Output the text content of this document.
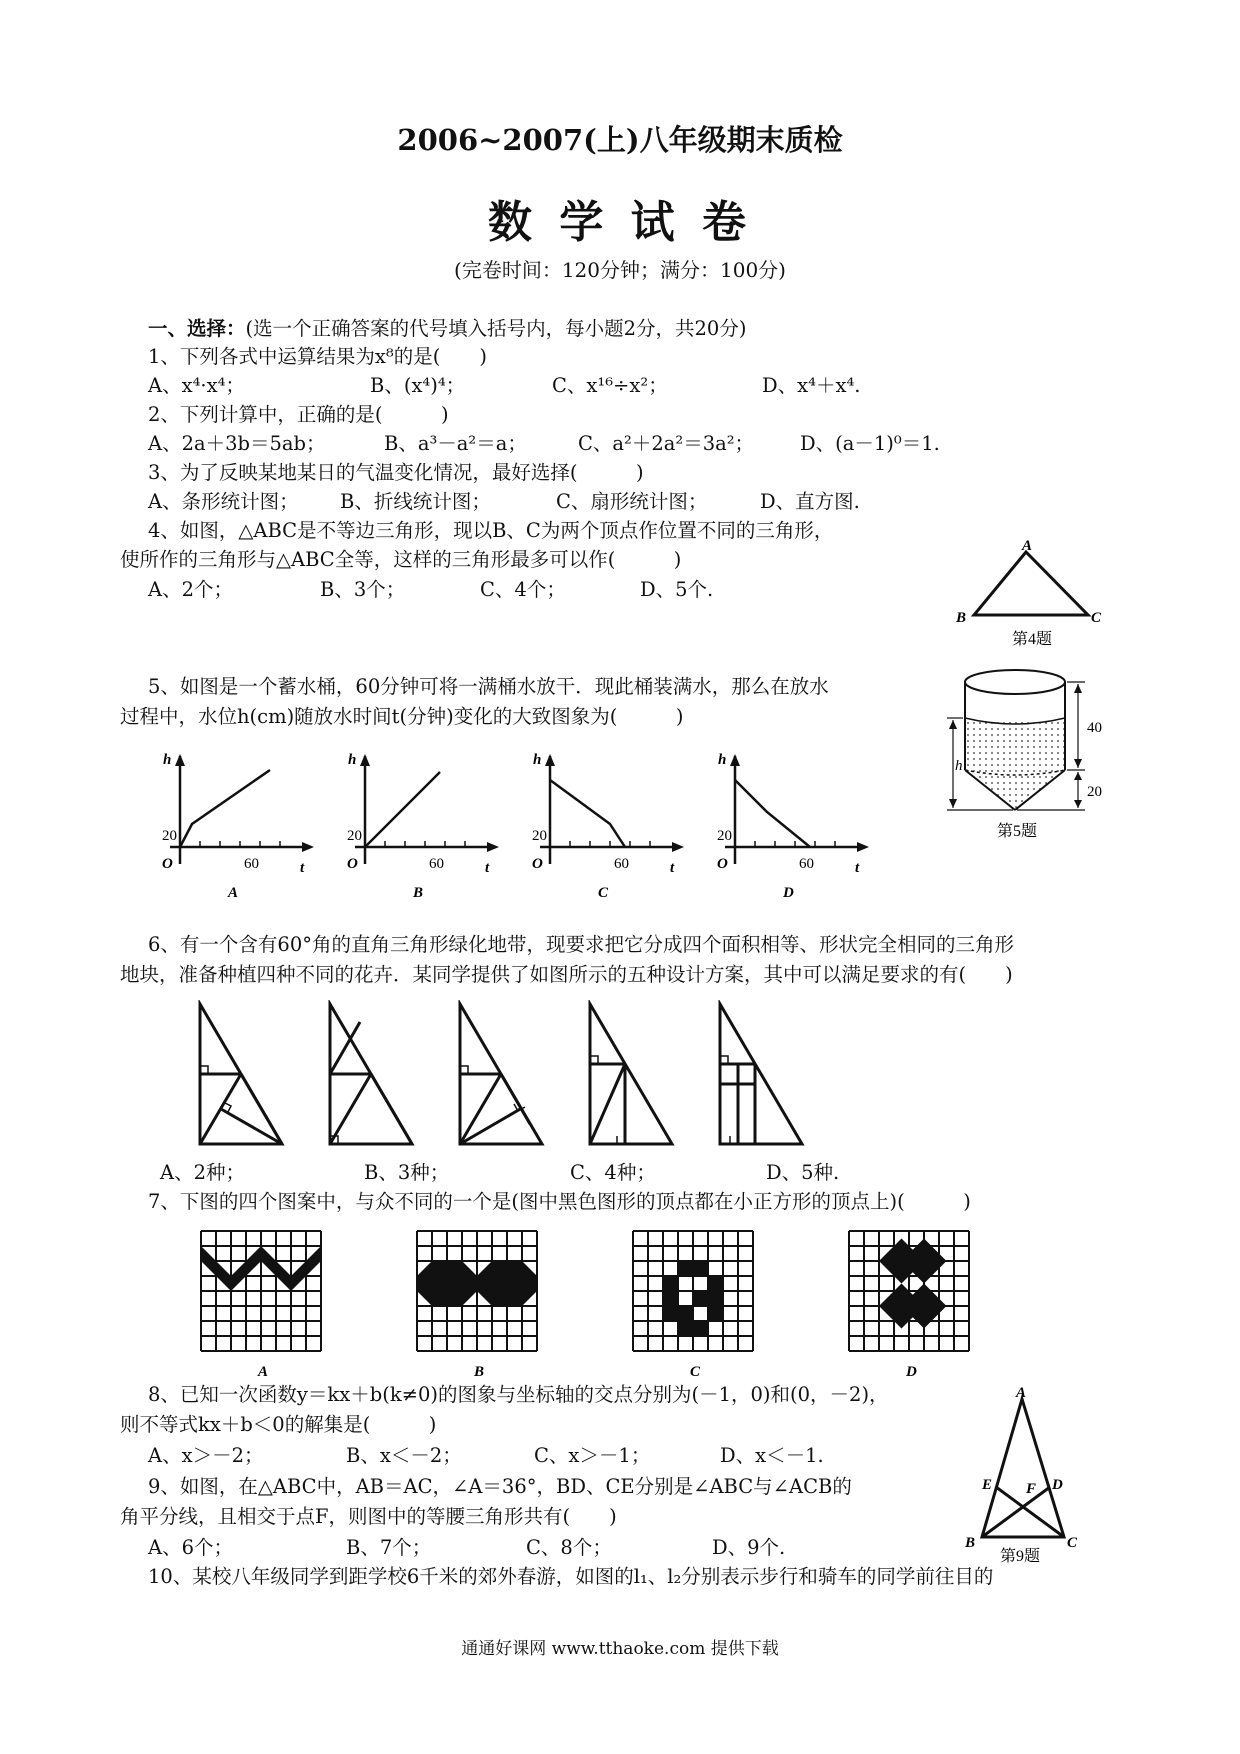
2006~2007(上)八年级期末质检
数 学 试 卷
(完卷时间：120分钟；满分：100分)
一、选择：(选一个正确答案的代号填入括号内，每小题2分，共20分)
1、下列各式中运算结果为x⁸的是(　　)
A、x⁴·x⁴；	B、(x⁴)⁴；	C、x¹⁶÷x²；	D、x⁴＋x⁴.
2、下列计算中，正确的是(　　　)
A、2a＋3b＝5ab；	B、a³－a²＝a；	C、a²＋2a²＝3a²； D、(a－1)⁰＝1.
3、为了反映某地某日的气温变化情况，最好选择(　　　)
A、条形统计图； B、折线统计图；	C、扇形统计图；	D、直方图.
4、如图，△ABC是不等边三角形，现以B、C为两个顶点作位置不同的三角形，
使所作的三角形与△ABC全等，这样的三角形最多可以作(　　　)
A、2个；	B、3个；	C、4个；	D、5个.
A
B	C
第4题
5、如图是一个蓄水桶，60分钟可将一满桶水放干．现此桶装满水，那么在放水
过程中，水位h(cm)随放水时间t(分钟)变化的大致图象为(　　　)	40
20
h
第5题
h
20
O	60	t
A
h
20
O	60	t
B
h
20
O	60	t
C
h
20
O	60	t
D
6、有一个含有60°角的直角三角形绿化地带，现要求把它分成四个面积相等、形状完全相同的三角形
地块，准备种植四种不同的花卉．某同学提供了如图所示的五种设计方案，其中可以满足要求的有(　　)
A、2种；	B、3种；	C、4种；	D、5种.
7、下图的四个图案中，与众不同的一个是(图中黑色图形的顶点都在小正方形的顶点上)(　　　)
A	B	C	D
8、已知一次函数y＝kx＋b(k≠0)的图象与坐标轴的交点分别为(－1，0)和(0，－2)，
则不等式kx＋b＜0的解集是(　　　)
A、x＞－2；	B、x＜－2；	C、x＞－1；	D、x＜－1.
9、如图，在△ABC中，AB＝AC，∠A＝36°，BD、CE分别是∠ABC与∠ACB的
角平分线，且相交于点F，则图中的等腰三角形共有(　　)
A、6个；	B、7个；	C、8个；	D、9个.
A
B	C
D
E F
第9题
10、某校八年级同学到距学校6千米的郊外春游，如图的l₁、l₂分别表示步行和骑车的同学前往目的
通通好课网 www.tthaoke.com 提供下载
